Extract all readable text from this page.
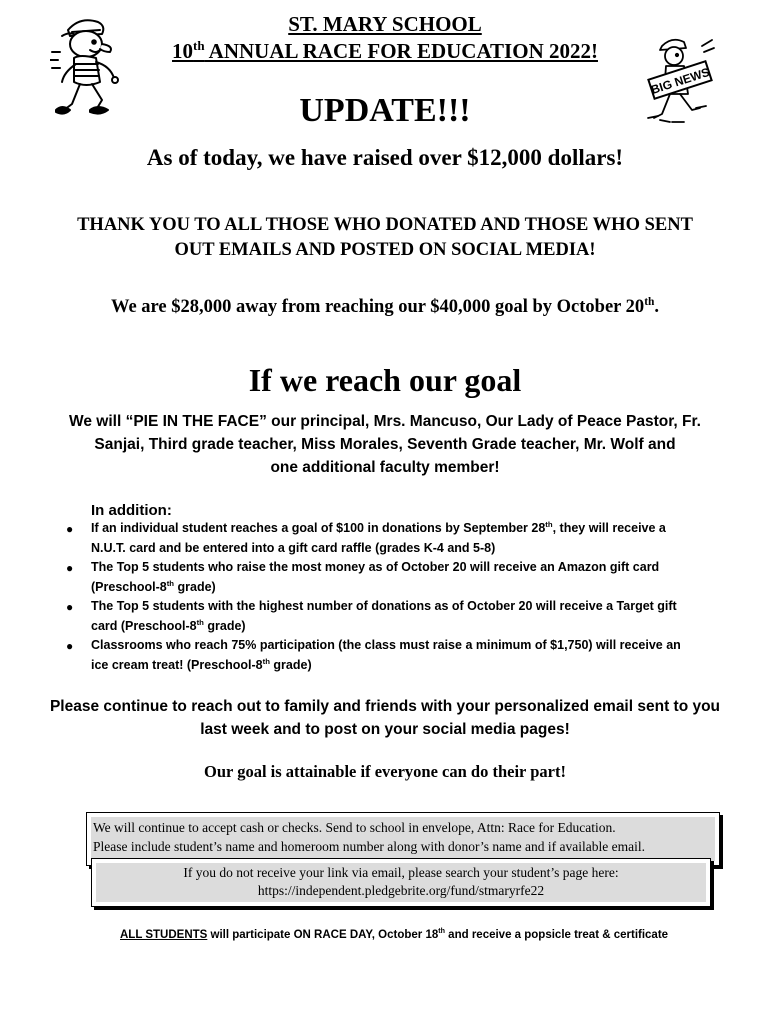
BIG NEWS
ST. MARY SCHOOL
10th ANNUAL RACE FOR EDUCATION 2022!
UPDATE!!!
As of today, we have raised over $12,000 dollars!
THANK YOU TO ALL THOSE WHO DONATED AND THOSE WHO SENT
OUT EMAILS AND POSTED ON SOCIAL MEDIA!
We are $28,000 away from reaching our $40,000 goal by October 20th.
If we reach our goal
We will “PIE IN THE FACE” our principal, Mrs. Mancuso, Our Lady of Peace Pastor, Fr.
Sanjai, Third grade teacher, Miss Morales, Seventh Grade teacher, Mr. Wolf and
one additional faculty member!
In addition:
● If an individual student reaches a goal of $100 in donations by September 28th, they will receive a
N.U.T. card and be entered into a gift card raffle (grades K-4 and 5-8)
● The Top 5 students who raise the most money as of October 20 will receive an Amazon gift card
(Preschool-8th grade)
● The Top 5 students with the highest number of donations as of October 20 will receive a Target gift
card (Preschool-8th grade)
● Classrooms who reach 75% participation (the class must raise a minimum of $1,750) will receive an
ice cream treat! (Preschool-8th grade)
Please continue to reach out to family and friends with your personalized email sent to you
last week and to post on your social media pages!
Our goal is attainable if everyone can do their part!
We will continue to accept cash or checks. Send to school in envelope, Attn: Race for Education.
Please include student’s name and homeroom number along with donor’s name and if available email.
If you do not receive your link via email, please search your student’s page here:
https://independent.pledgebrite.org/fund/stmaryrfe22
ALL STUDENTS will participate ON RACE DAY, October 18th and receive a popsicle treat & certificate
